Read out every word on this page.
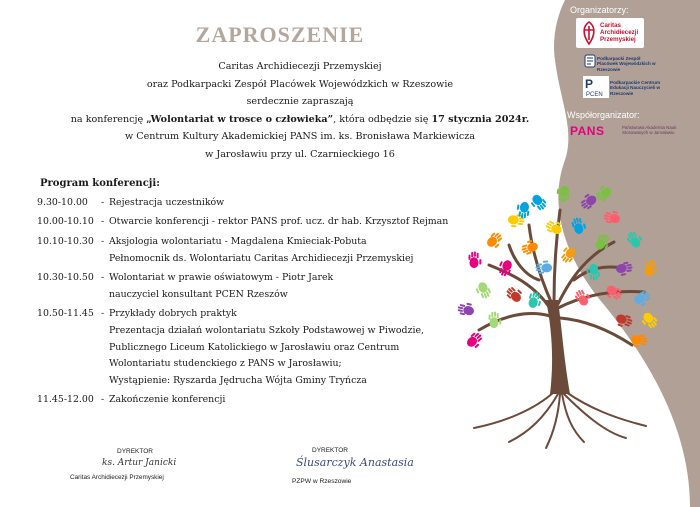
ZAPROSZENIE
Caritas Archidiecezji Przemyskiej
oraz Podkarpacki Zespół Placówek Wojewódzkich w Rzeszowie
serdecznie zapraszają
na konferencję „Wolontariat w trosce o człowieka”, która odbędzie się 17 stycznia 2024r.
w Centrum Kultury Akademickiej PANS im. ks. Bronisława Markiewicza
w Jarosławiu przy ul. Czarnieckiego 16
Program konferencji:
9.30-10.00	- Rejestracja uczestników
10.00-10.10 - Otwarcie konferencji - rektor PANS prof. ucz. dr hab. Krzysztof Rejman
10.10-10.30 - Aksjologia wolontariatu - Magdalena Kmieciak-Pobuta
Pełnomocnik ds. Wolontariatu Caritas Archidiecezji Przemyskiej
10.30-10.50 - Wolontariat w prawie oświatowym - Piotr Jarek
nauczyciel konsultant PCEN Rzeszów
10.50-11.45 - Przykłady dobrych praktyk
Prezentacja działań wolontariatu Szkoły Podstawowej w Piwodzie,
Publicznego Liceum Katolickiego w Jarosławiu oraz Centrum
Wolontariatu studenckiego z PANS w Jarosławiu;
Wystąpienie: Ryszarda Jędrucha Wójta Gminy Tryńcza
11.45-12.00 - Zakończenie konferencji
Organizatorzy:
Caritas Archidiecezji Przemyskiej
Podkarpacki Zespół Placówek Wojewódzkich w Rzeszowie
P
PCEN
Podkarpackie Centrum Edukacji Nauczycieli w Rzeszowie
Współorganizator:
PANS	Państwowa Akademia Nauk Stosowanych w Jarosławiu
DYREKTOR
ks. Artur Janicki
Caritas Archidiecezji Przemyskiej
DYREKTOR
Ślusarczyk Anastasia
PZPW w Rzeszowie
